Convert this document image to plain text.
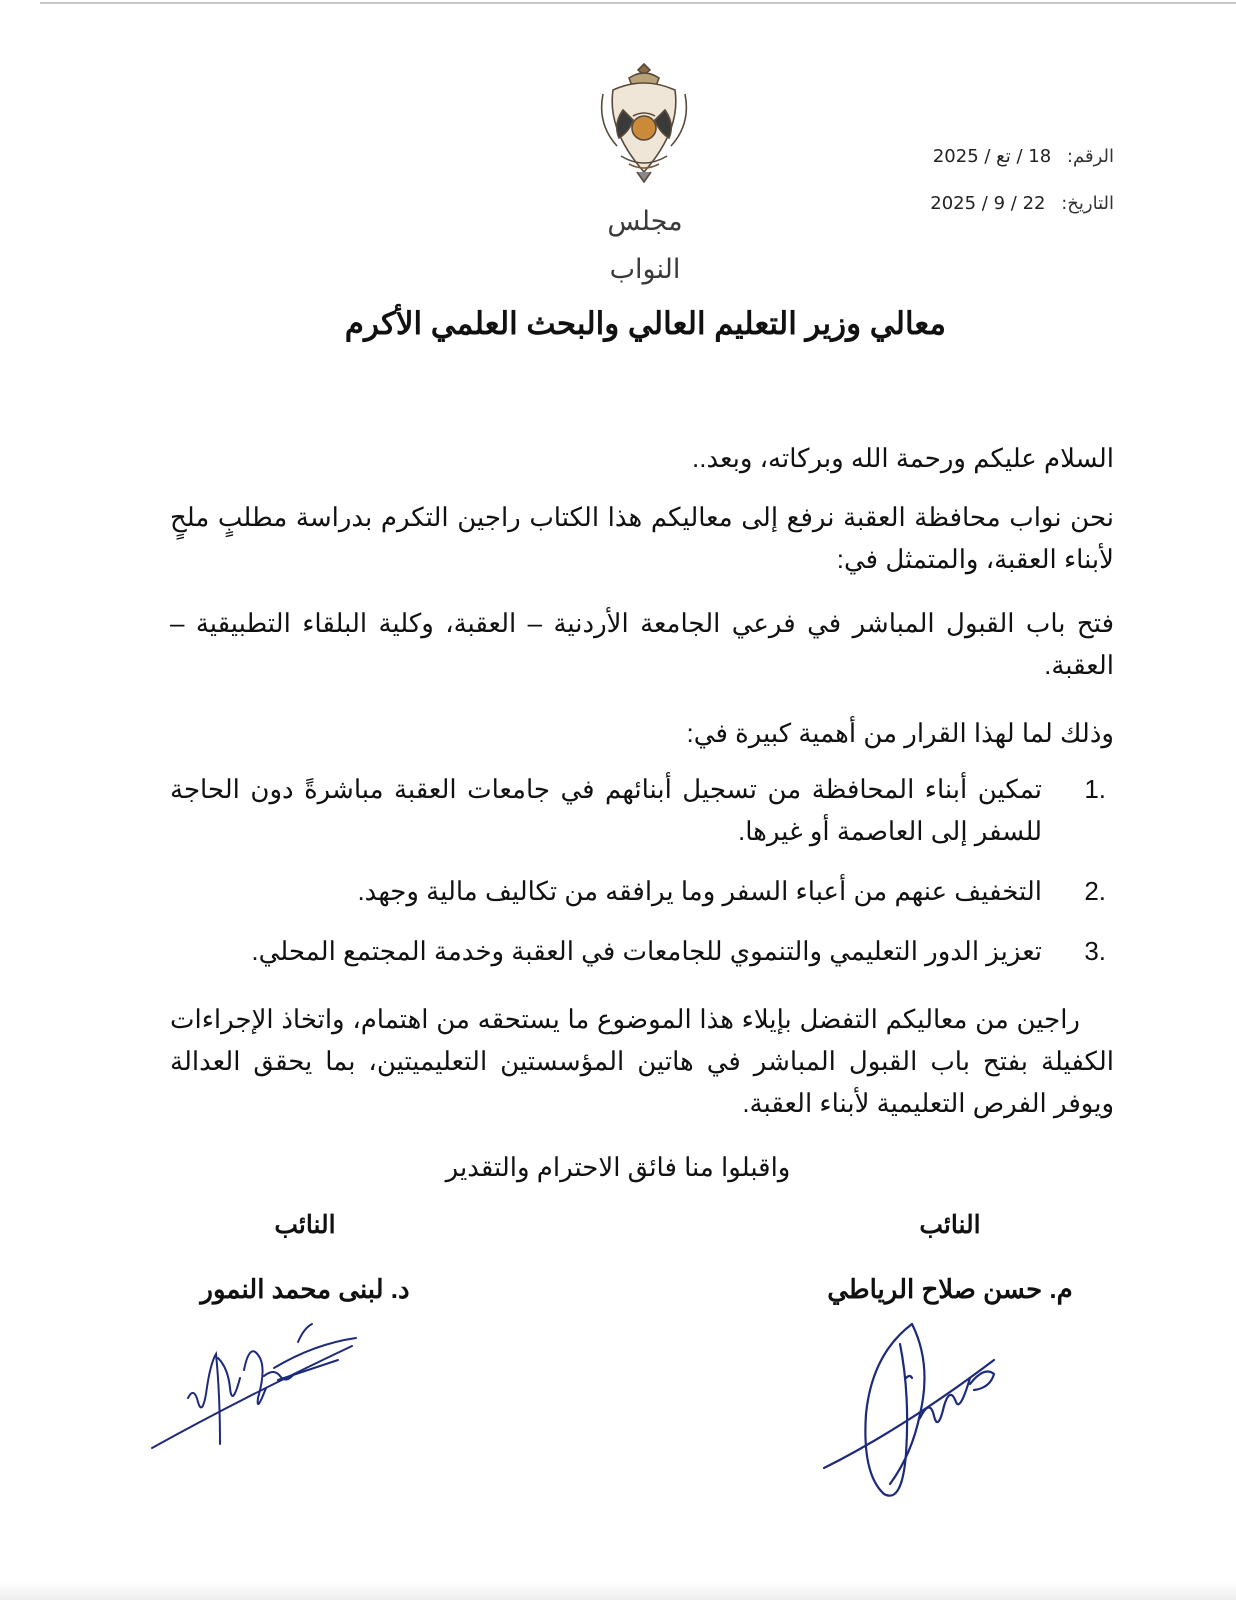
مجلس النواب
الرقم: 18 / تع / 2025
التاريخ: 22 / 9 / 2025
معالي وزير التعليم العالي والبحث العلمي الأكرم

السلام عليكم ورحمة الله وبركاته، وبعد..

نحن نواب محافظة العقبة نرفع إلى معاليكم هذا الكتاب راجين التكرم بدراسة مطلبٍ ملحٍ لأبناء العقبة، والمتمثل في:

فتح باب القبول المباشر في فرعي الجامعة الأردنية – العقبة، وكلية البلقاء التطبيقية – العقبة.

وذلك لما لهذا القرار من أهمية كبيرة في:

1.
تمكين أبناء المحافظة من تسجيل أبنائهم في جامعات العقبة مباشرةً دون الحاجة للسفر إلى العاصمة أو غيرها.
2.
التخفيف عنهم من أعباء السفر وما يرافقه من تكاليف مالية وجهد.
3.
تعزيز الدور التعليمي والتنموي للجامعات في العقبة وخدمة المجتمع المحلي.

راجين من معاليكم التفضل بإيلاء هذا الموضوع ما يستحقه من اهتمام، واتخاذ الإجراءات الكفيلة بفتح باب القبول المباشر في هاتين المؤسستين التعليميتين، بما يحقق العدالة ويوفر الفرص التعليمية لأبناء العقبة.

واقبلوا منا فائق الاحترام والتقدير

النائب
م. حسن صلاح الرياطي
النائب
د. لبنى محمد النمور
